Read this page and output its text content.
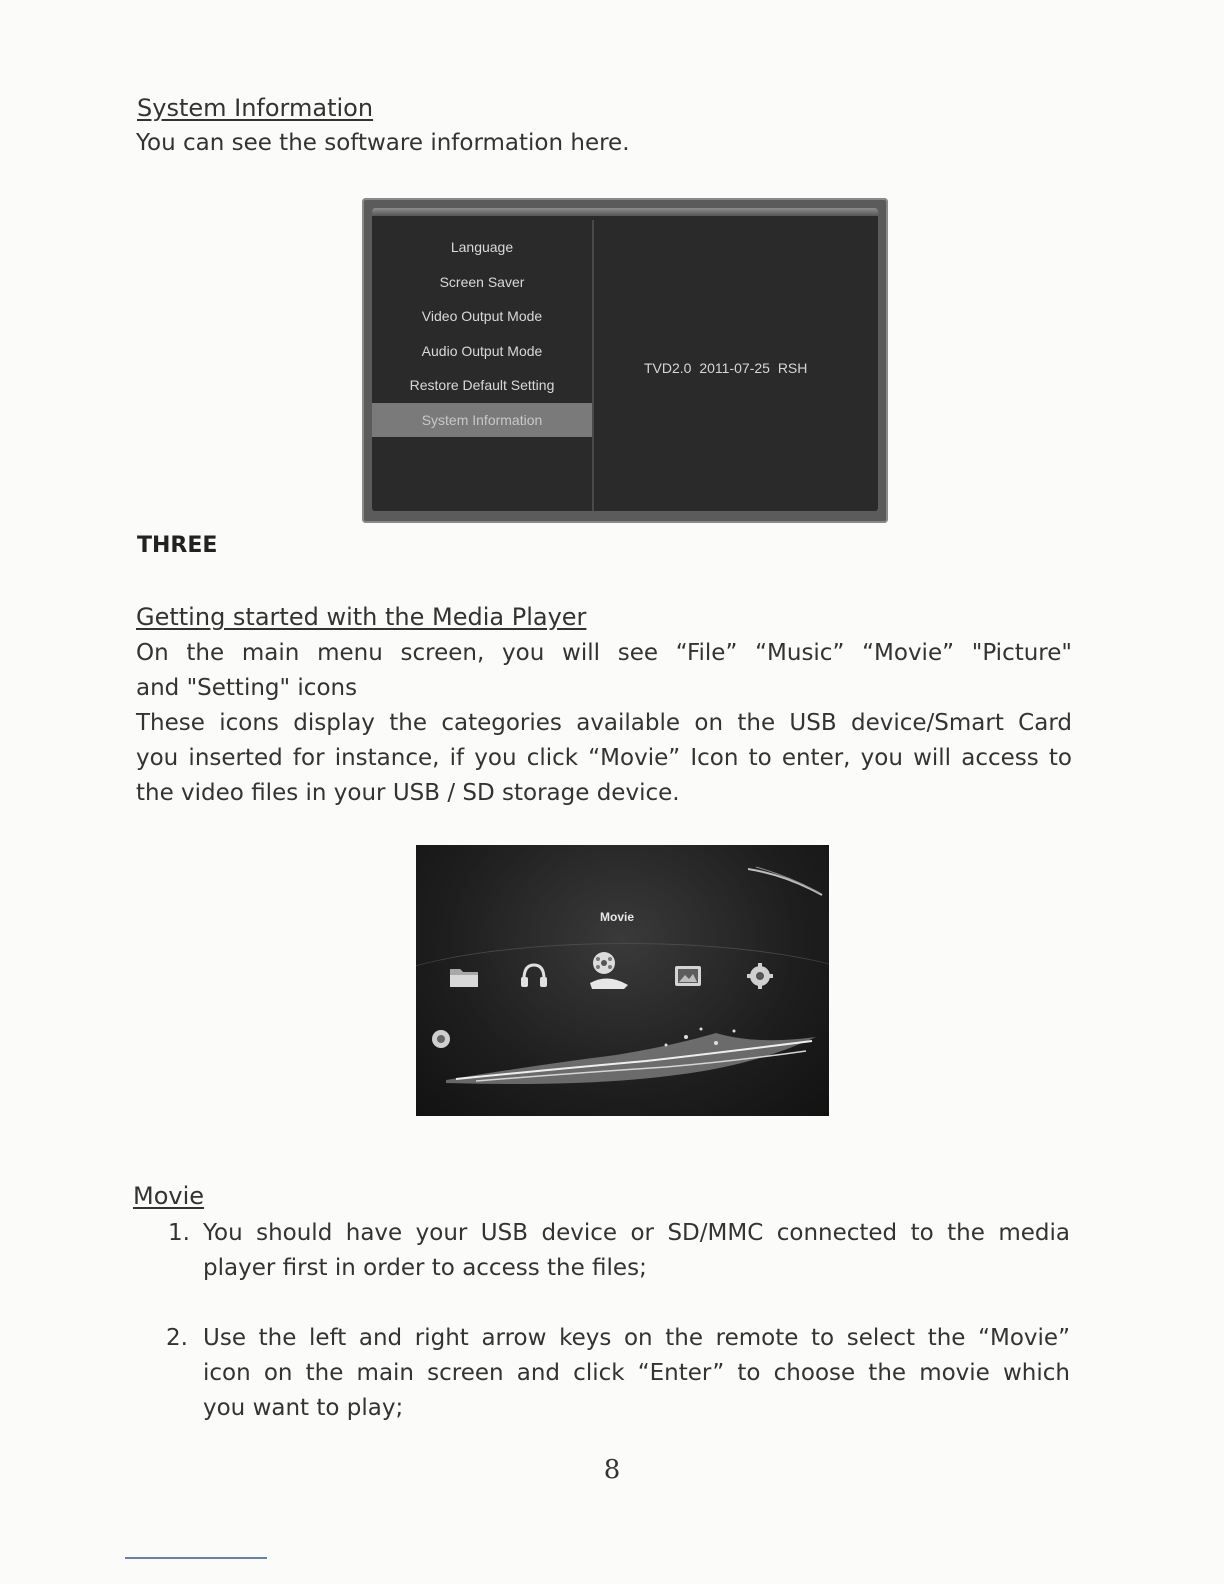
System Information
You can see the software information here.
Language
Screen Saver
Video Output Mode
Audio Output Mode
Restore Default Setting
System Information
TVD2.0 2011-07-25 RSH
THREE
Getting started with the Media Player
On the main menu screen, you will see “File” “Music” “Movie” "Picture"
and "Setting" icons
These icons display the categories available on the USB device/Smart Card
you inserted for instance, if you click “Movie” Icon to enter, you will access to
the video files in your USB / SD storage device.
Movie
Movie
1. You should have your USB device or SD/MMC connected to the media
player first in order to access the files;
2. Use the left and right arrow keys on the remote to select the “Movie”
icon on the main screen and click “Enter” to choose the movie which
you want to play;
8
